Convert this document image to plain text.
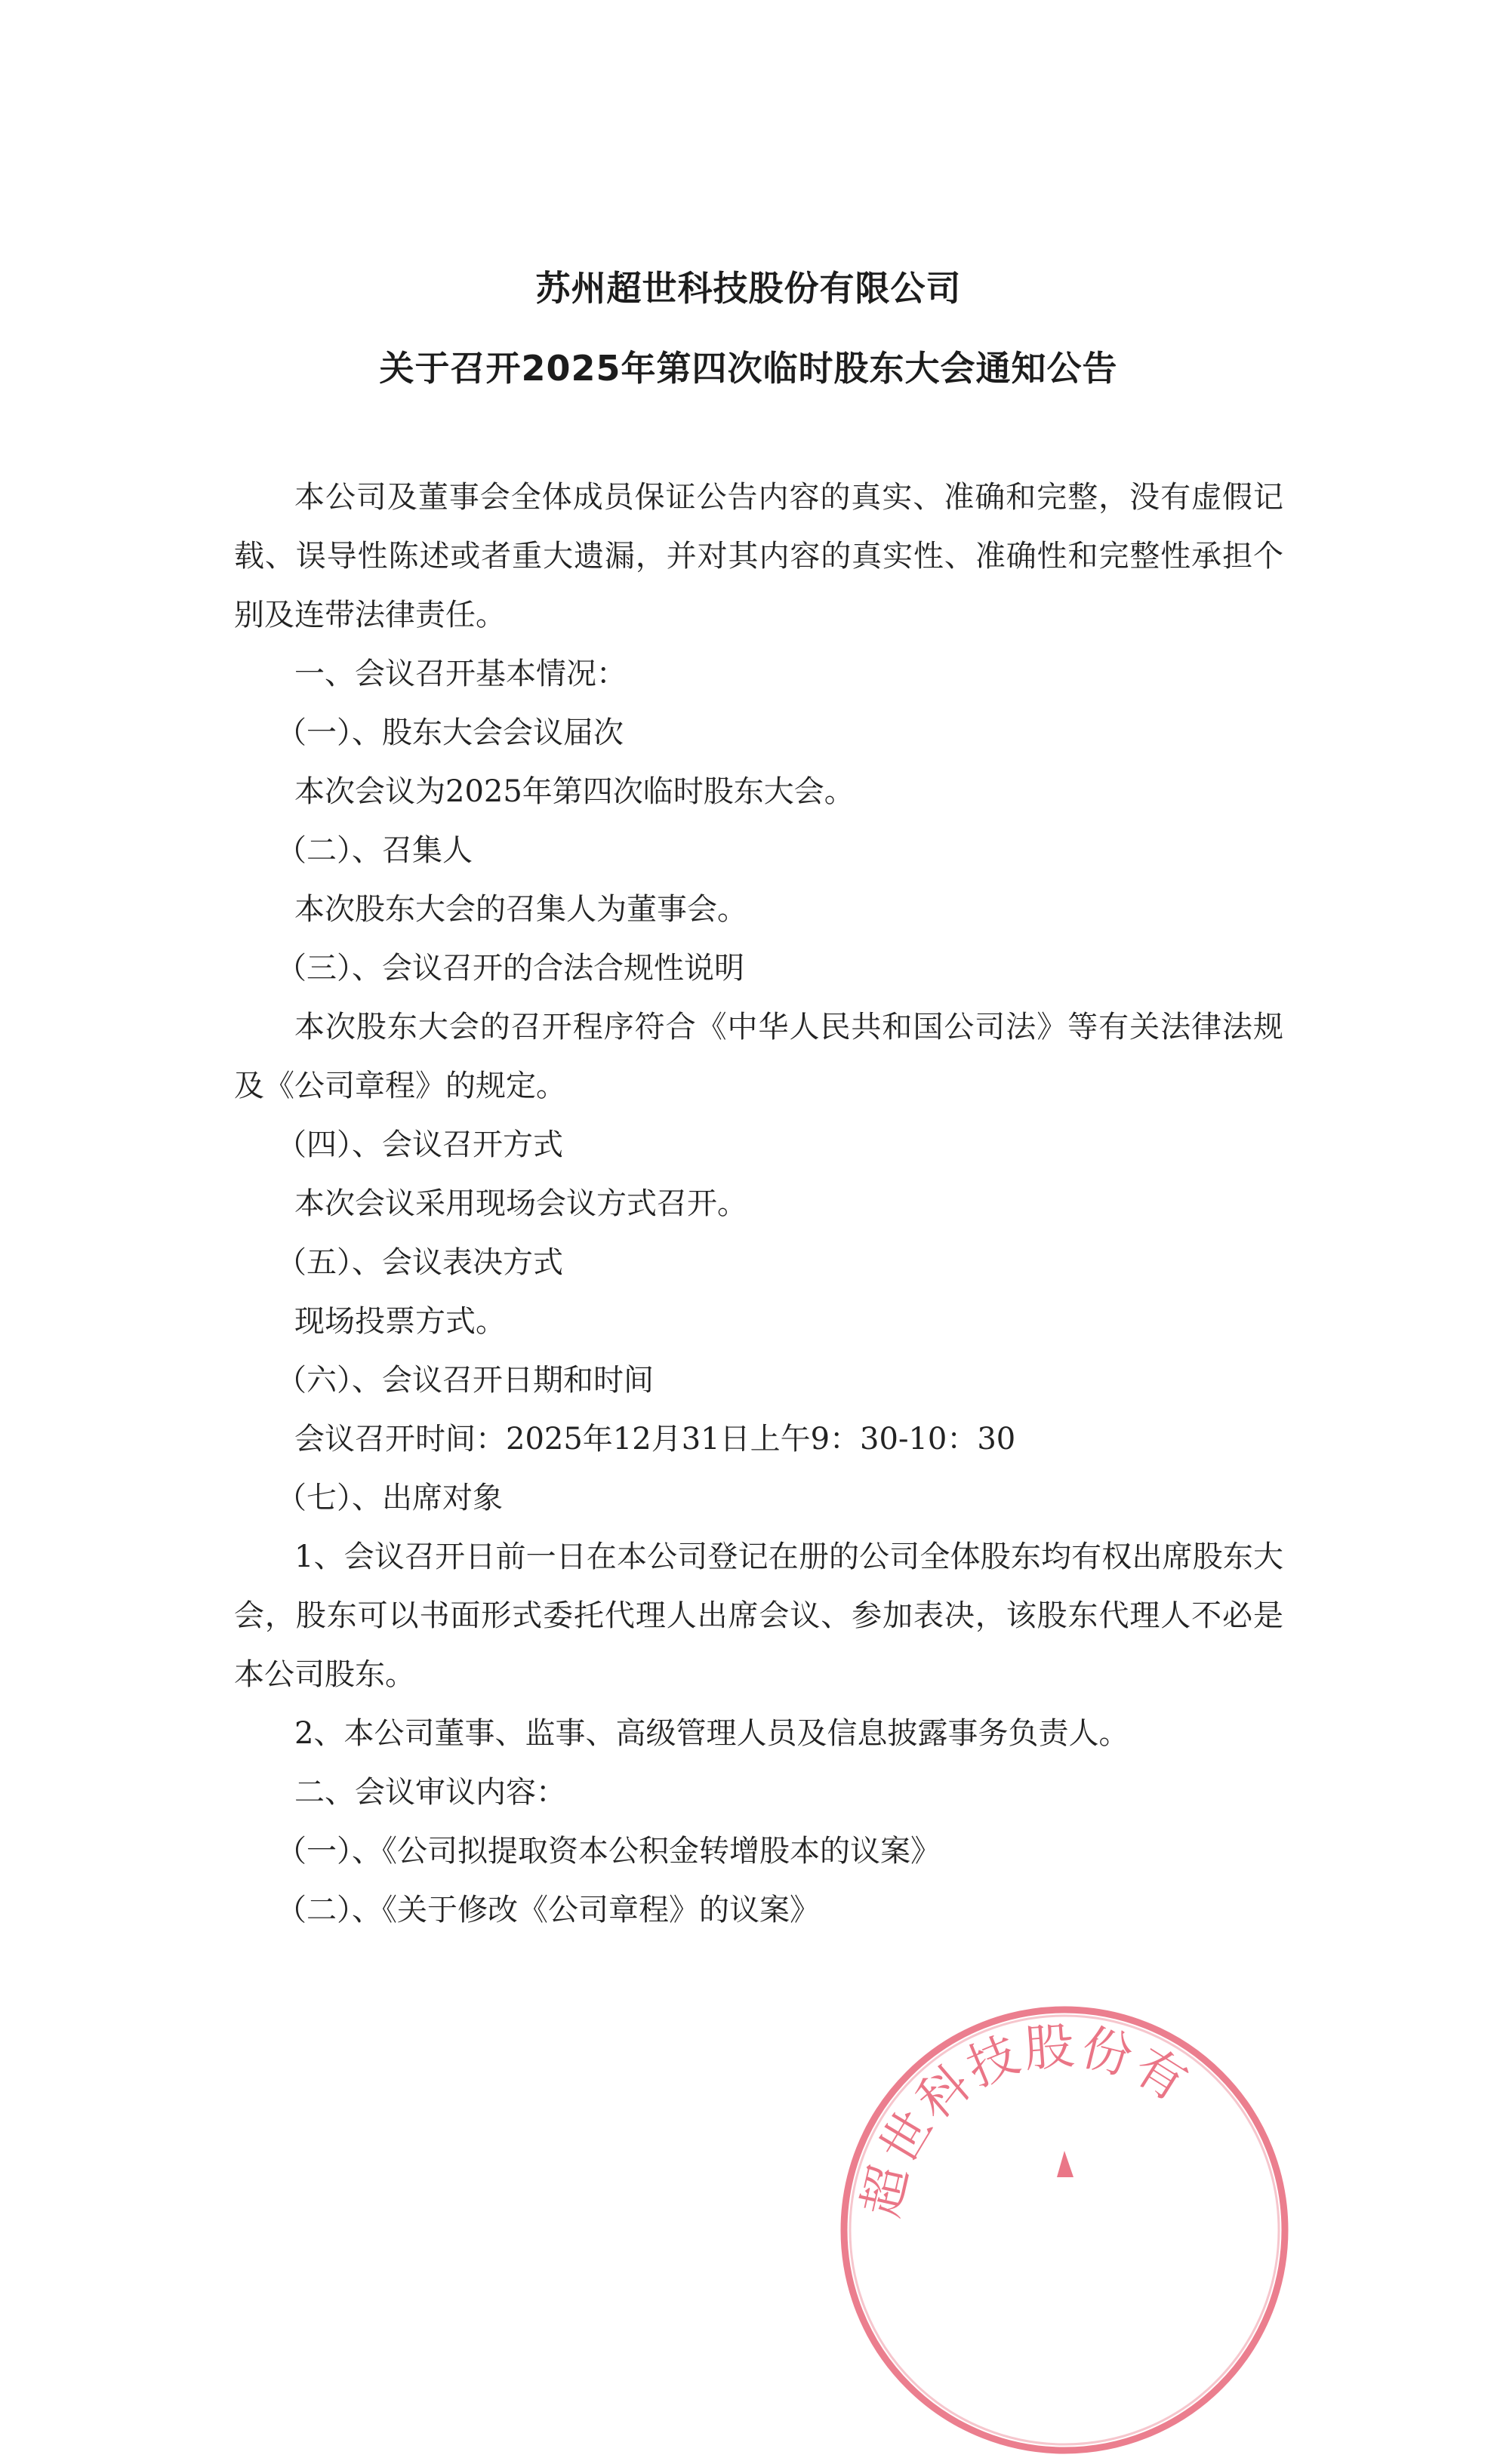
苏州超世科技股份有限公司
关于召开2025年第四次临时股东大会通知公告

本公司及董事会全体成员保证公告内容的真实、准确和完整，没有虚假记载、误导性陈述或者重大遗漏，并对其内容的真实性、准确性和完整性承担个别及连带法律责任。

一、会议召开基本情况：

（一）、股东大会会议届次

本次会议为2025年第四次临时股东大会。

（二）、召集人

本次股东大会的召集人为董事会。

（三）、会议召开的合法合规性说明

本次股东大会的召开程序符合《中华人民共和国公司法》等有关法律法规及《公司章程》的规定。

（四）、会议召开方式

本次会议采用现场会议方式召开。

（五）、会议表决方式

现场投票方式。

（六）、会议召开日期和时间

会议召开时间：2025年12月31日上午9：30-10：30

（七）、出席对象

1、会议召开日前一日在本公司登记在册的公司全体股东均有权出席股东大会，股东可以书面形式委托代理人出席会议、参加表决，该股东代理人不必是本公司股东。

2、本公司董事、监事、高级管理人员及信息披露事务负责人。

二、会议审议内容：

（一）、《公司拟提取资本公积金转增股本的议案》

（二）、《关于修改《公司章程》的议案》

超世科技股份有
